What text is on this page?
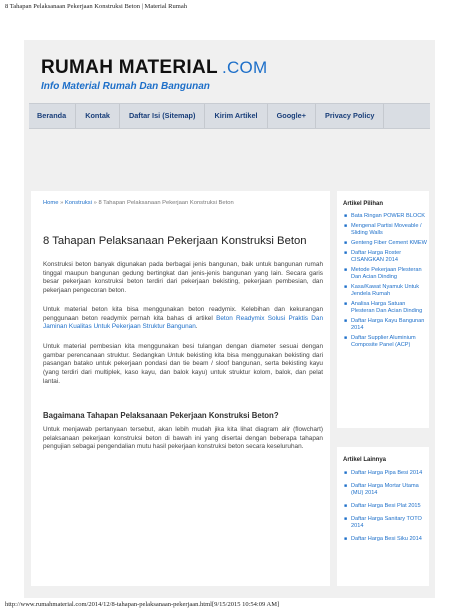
8 Tahapan Pelaksanaan Pekerjaan Konstruksi Beton | Material Rumah
RUMAH MATERIAL .COM
Info Material Rumah Dan Bangunan
Beranda	Kontak	Daftar Isi (Sitemap)	Kirim Artikel	Google+	Privacy Policy
Home » Konstruksi » 8 Tahapan Pelaksanaan Pekerjaan Konstruksi Beton
8 Tahapan Pelaksanaan Pekerjaan Konstruksi Beton

Konstruksi beton banyak digunakan pada berbagai jenis bangunan, baik untuk bangunan rumah tinggal maupun bangunan gedung bertingkat dan jenis-jenis bangunan yang lain. Secara garis besar pekerjaan konstruksi beton terdiri dari pekerjaan bekisting, pekerjaan pembesian, dan pekerjaan pengecoran beton.

Untuk material beton kita bisa menggunakan beton readymix. Kelebihan dan kekurangan penggunaan beton readymix pernah kita bahas di artikel Beton Readymix Solusi Praktis Dan Jaminan Kualitas Untuk Pekerjaan Struktur Bangunan.

Untuk material pembesian kita menggunakan besi tulangan dengan diameter sesuai dengan gambar perencanaan struktur. Sedangkan Untuk bekisting kita bisa menggunakan bekisting dari pasangan batako untuk pekerjaan pondasi dan tie beam / sloof bangunan, serta bekisting kayu (yang terdiri dari multiplek, kaso kayu, dan balok kayu) untuk struktur kolom, balok, dan pelat lantai.

Bagaimana Tahapan Pelaksanaan Pekerjaan Konstruksi Beton?

Untuk menjawab pertanyaan tersebut, akan lebih mudah jika kita lihat diagram alir (flowchart) pelaksanaan pekerjaan konstruksi beton di bawah ini yang disertai dengan beberapa tahapan pengujian sebagai pengendalian mutu hasil pekerjaan konstruksi beton secara keseluruhan.

Artikel Pilihan
■ Bata Ringan POWER BLOCK
■ Mengenal Partisi Moveable / Sliding Walls
■ Genteng Fiber Cement KMEW
■ Daftar Harga Roster CISANGKAN 2014
■ Metode Pekerjaan Plesteran Dan Acian Dinding
■ Kasa/Kawat Nyamuk Untuk Jendela Rumah
■ Analisa Harga Satuan Plesteran Dan Acian Dinding
■ Daftar Harga Kayu Bangunan 2014
■ Daftar Supplier Aluminium Composite Panel (ACP)
Artikel Lainnya
■ Daftar Harga Pipa Besi 2014
■ Daftar Harga Mortar Utama (MU) 2014
■ Daftar Harga Besi Plat 2015
■ Daftar Harga Sanitary TOTO 2014
■ Daftar Harga Besi Siku 2014
http://www.rumahmaterial.com/2014/12/8-tahapan-pelaksanaan-pekerjaan.html[9/15/2015 10:54:09 AM]
